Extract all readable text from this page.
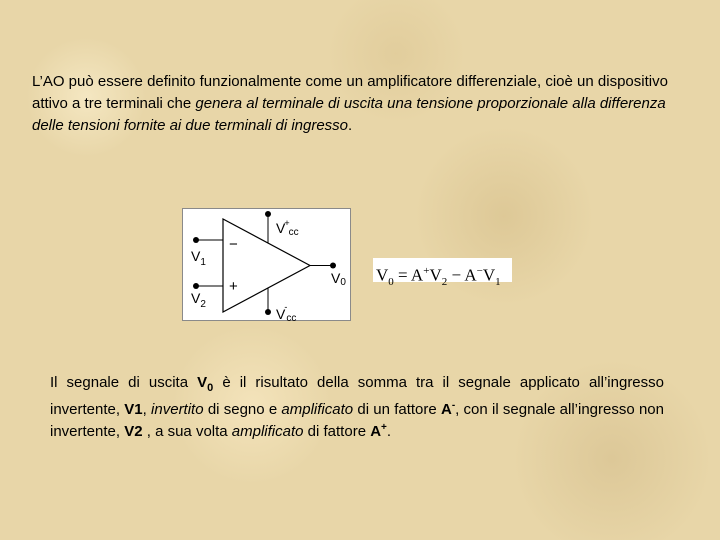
L’AO può essere definito funzionalmente come un amplificatore differenziale, cioè un dispositivo attivo a tre terminali che genera al terminale di uscita una tensione proporzionale alla differenza delle tensioni fornite ai due terminali di ingresso.
−
+
V+cc
V-cc
$V_1$
$V_2$
V0 $V_0 = A^+V_2 - A^-V_1$
Il segnale di uscita $V_0$ è il risultato della somma tra il segnale applicato all’ingresso invertente, V1, invertito di segno e amplificato di un fattore A-, con il segnale all’ingresso non invertente, V2 , a sua volta amplificato di fattore A+.
